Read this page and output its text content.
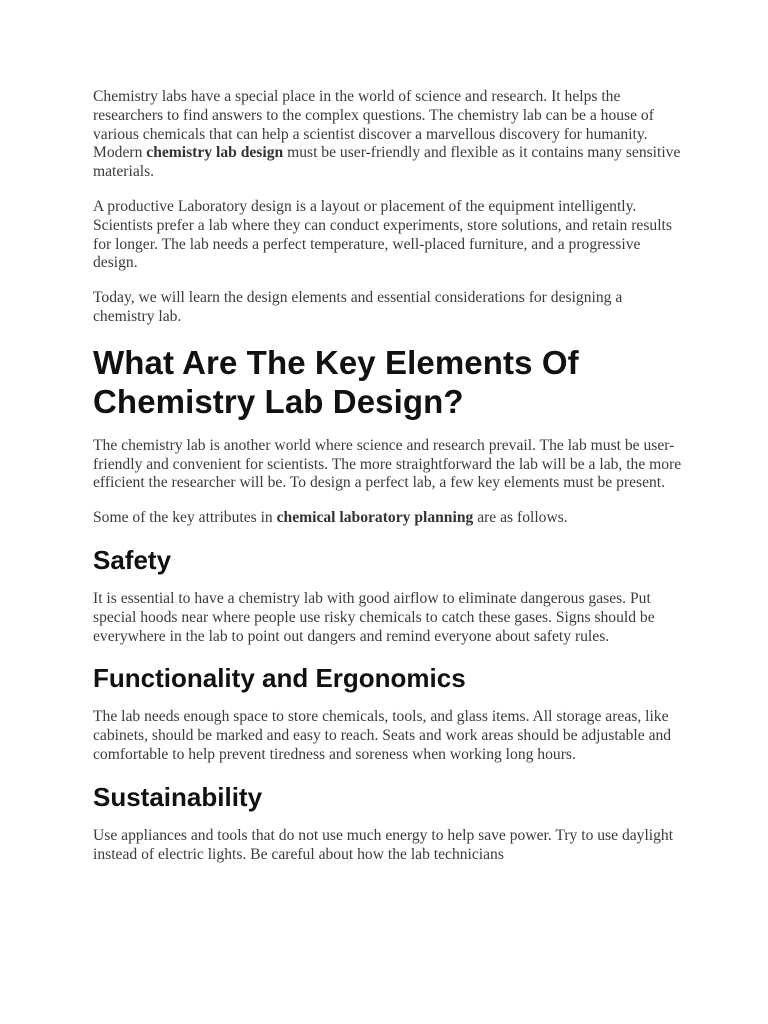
Chemistry labs have a special place in the world of science and research. It helps the researchers to find answers to the complex questions. The chemistry lab can be a house of various chemicals that can help a scientist discover a marvellous discovery for humanity. Modern chemistry lab design must be user-friendly and flexible as it contains many sensitive materials.

A productive Laboratory design is a layout or placement of the equipment intelligently. Scientists prefer a lab where they can conduct experiments, store solutions, and retain results for longer. The lab needs a perfect temperature, well-placed furniture, and a progressive design.

Today, we will learn the design elements and essential considerations for designing a chemistry lab.

What Are The Key Elements Of Chemistry Lab Design?

The chemistry lab is another world where science and research prevail. The lab must be user-friendly and convenient for scientists. The more straightforward the lab will be a lab, the more efficient the researcher will be. To design a perfect lab, a few key elements must be present.

Some of the key attributes in chemical laboratory planning are as follows.

Safety

It is essential to have a chemistry lab with good airflow to eliminate dangerous gases. Put special hoods near where people use risky chemicals to catch these gases. Signs should be everywhere in the lab to point out dangers and remind everyone about safety rules.

Functionality and Ergonomics

The lab needs enough space to store chemicals, tools, and glass items. All storage areas, like cabinets, should be marked and easy to reach. Seats and work areas should be adjustable and comfortable to help prevent tiredness and soreness when working long hours.

Sustainability

Use appliances and tools that do not use much energy to help save power. Try to use daylight instead of electric lights. Be careful about how the lab technicians
